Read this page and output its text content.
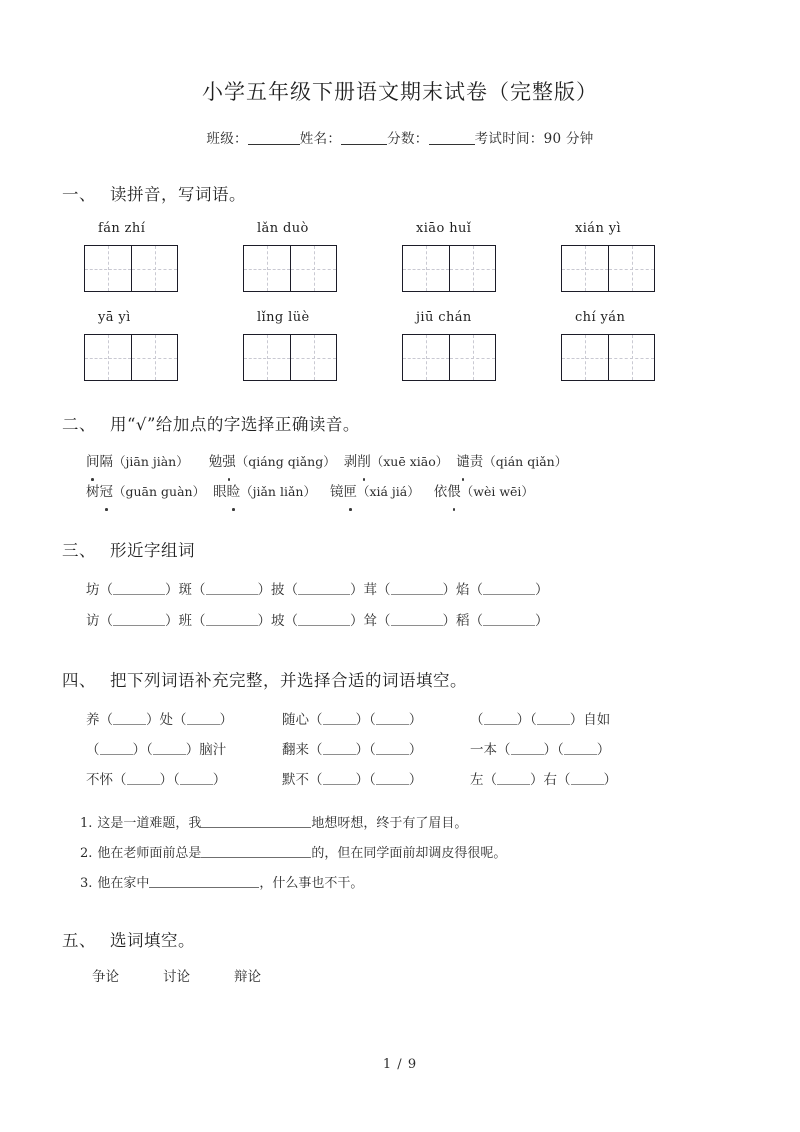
小学五年级下册语文期末试卷（完整版）
班级：	姓名：	分数：	考试时间：90 分钟
一、 读拼音，写词语。
fán zhí	lǎn duò	xiāo huǐ	xián yì
yā yì	lǐng lüè	jiū chán	chí yán
二、 用“√”给加点的字选择正确读音。
间隔（jiān jiàn） 勉强（qiáng qiǎng） 剥削（xuē xiāo） 谴责（qián qiǎn）
树冠（guān guàn） 眼睑（jiǎn liǎn） 镜匣（xiá jiá） 依偎（wèi wēi）
三、 形近字组词
坊（	）斑（	）披（	）茸（	）焰（	）
访（	）班（	）坡（	）耸（	）稻（	）
四、 把下列词语补充完整，并选择合适的词语填空。
养（ ）处（ ）	随心（ ）（ ）	（ ）（ ）自如
（ ）（ ）脑汁	翻来（ ）（ ）	一本（ ）（ ）
不怀（ ）（ ）	默不（ ）（ ）	左（ ）右（ ）
1. 这是一道难题，我	地想呀想，终于有了眉目。
2. 他在老师面前总是	的，但在同学面前却调皮得很呢。
3. 他在家中	，什么事也不干。
五、 选词填空。
争论	讨论	辩论
1 / 9
